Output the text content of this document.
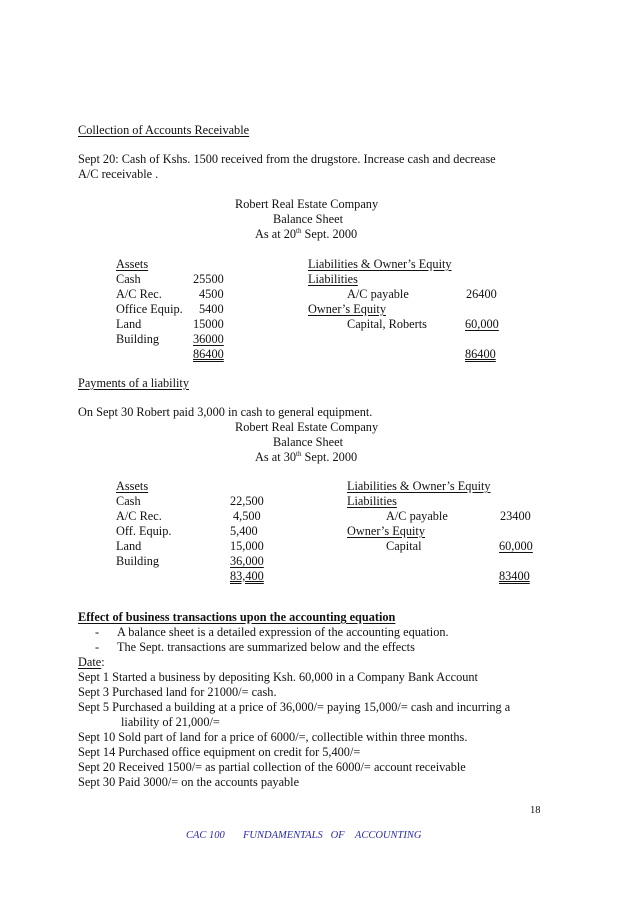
Collection of Accounts Receivable
Sept 20: Cash of Kshs. 1500 received from the drugstore. Increase cash and decrease
A/C receivable .
Robert Real Estate Company
Balance Sheet
As at 20th Sept. 2000
Assets
Cash	25500
A/C Rec.	4500
Office Equip. 5400
Land	15000
Building	36000
86400
Liabilities & Owner’s Equity
Liabilities
A/C payable	26400
Owner’s Equity
Capital, Roberts	60,000
86400
Payments of a liability
On Sept 30 Robert paid 3,000 in cash to general equipment.
Robert Real Estate Company
Balance Sheet
As at 30th Sept. 2000
Assets
Cash	22,500
A/C Rec.	4,500
Off. Equip.	5,400
Land	15,000
Building	36,000
83,400
Liabilities & Owner’s Equity
Liabilities
A/C payable	23400
Owner’s Equity
Capital	60,000
83400
Effect of business transactions upon the accounting equation
- A balance sheet is a detailed expression of the accounting equation.
- The Sept. transactions are summarized below and the effects
Date:
Sept 1 Started a business by depositing Ksh. 60,000 in a Company Bank Account
Sept 3 Purchased land for 21000/= cash.
Sept 5 Purchased a building at a price of 36,000/= paying 15,000/= cash and incurring a
liability of 21,000/=
Sept 10 Sold part of land for a price of 6000/=, collectible within three months.
Sept 14 Purchased office equipment on credit for 5,400/=
Sept 20 Received 1500/= as partial collection of the 6000/= account receivable
Sept 30 Paid 3000/= on the accounts payable
18
CAC 100 FUNDAMENTALS   OF    ACCOUNTING
